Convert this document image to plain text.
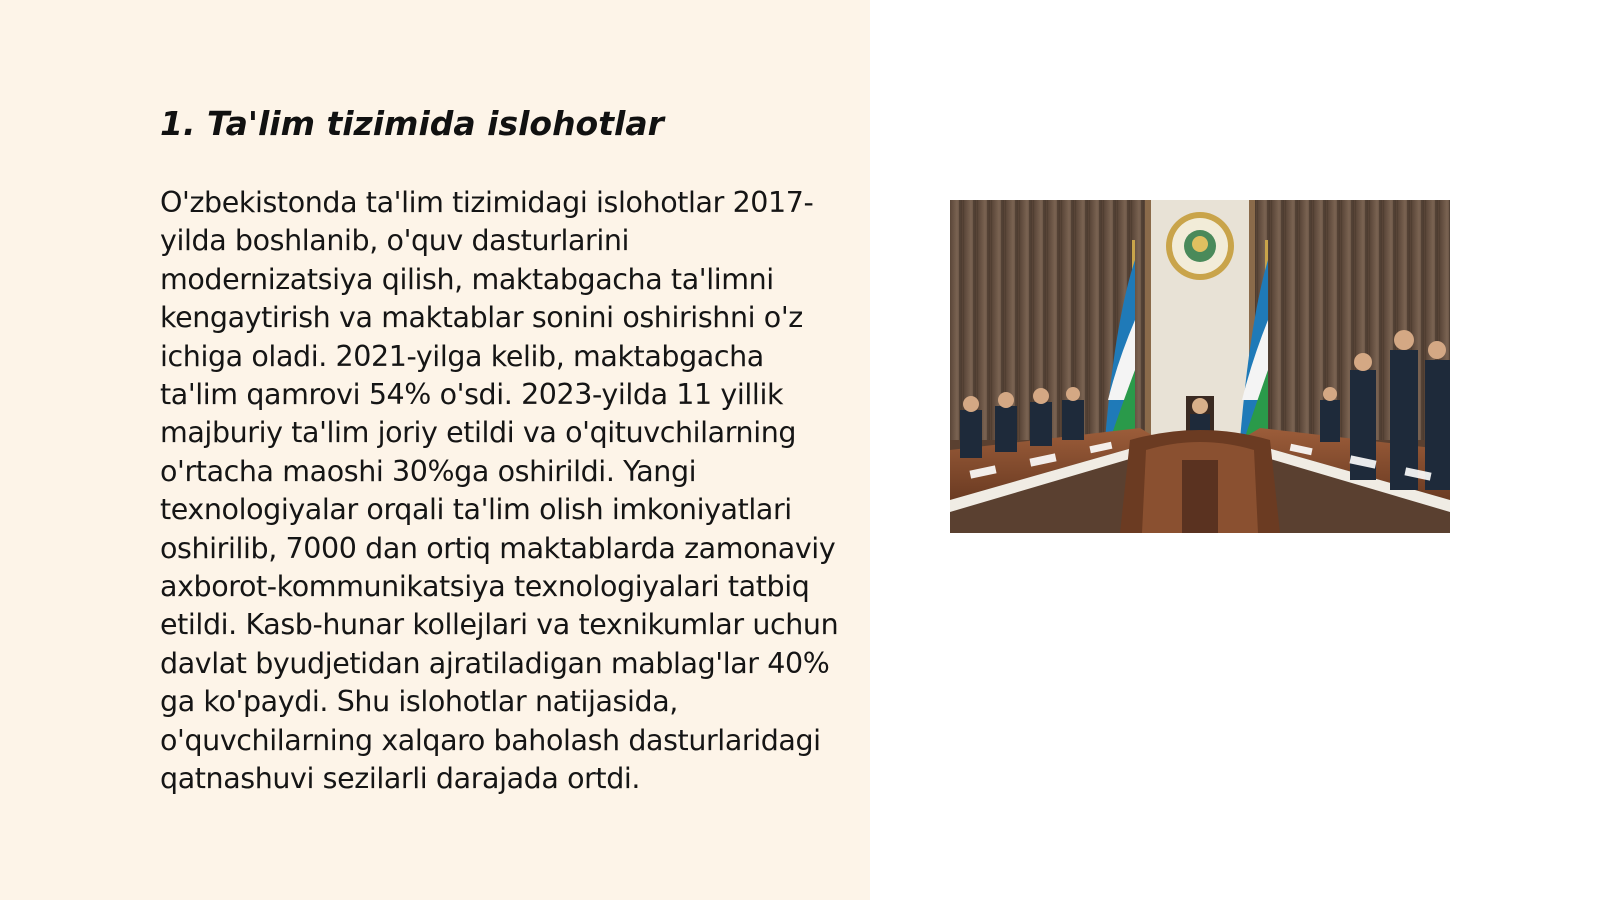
1. Ta'lim tizimida islohotlar

O'zbekistonda ta'lim tizimidagi islohotlar 2017-yilda boshlanib, o'quv dasturlarini modernizatsiya qilish, maktabgacha ta'limni kengaytirish va maktablar sonini oshirishni o'z ichiga oladi. 2021-yilga kelib, maktabgacha ta'lim qamrovi 54% o'sdi. 2023-yilda 11 yillik majburiy ta'lim joriy etildi va o'qituvchilarning o'rtacha maoshi 30%ga oshirildi. Yangi texnologiyalar orqali ta'lim olish imkoniyatlari oshirilib, 7000 dan ortiq maktablarda zamonaviy axborot-kommunikatsiya texnologiyalari tatbiq etildi. Kasb-hunar kollejlari va texnikumlar uchun davlat byudjetidan ajratiladigan mablag'lar 40% ga ko'paydi. Shu islohotlar natijasida, o'quvchilarning xalqaro baholash dasturlaridagi qatnashuvi sezilarli darajada ortdi.
